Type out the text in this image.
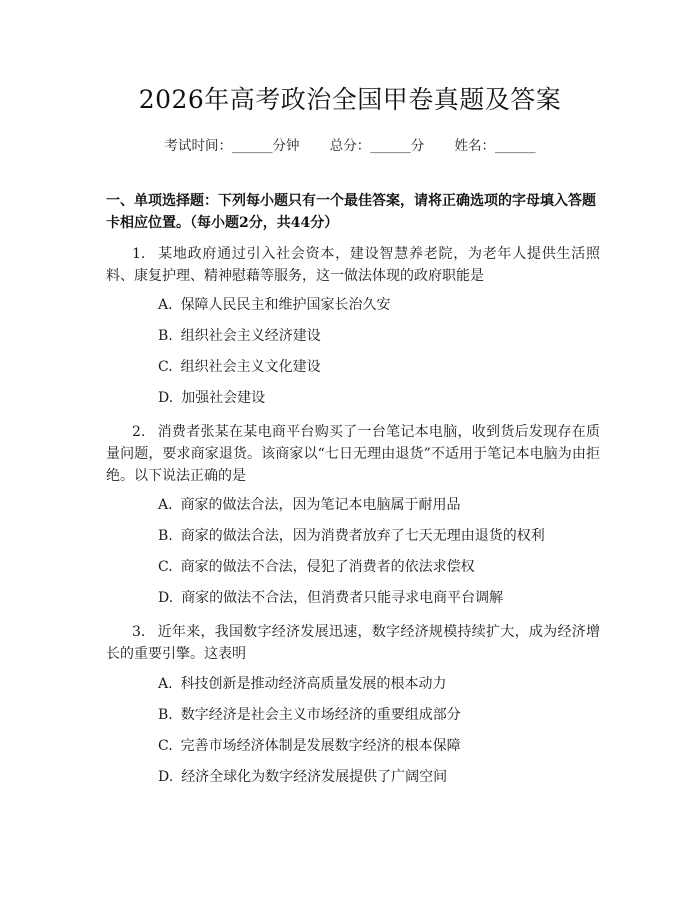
2026年高考政治全国甲卷真题及答案
考试时间：______分钟 总分：______分 姓名：______
一、单项选择题：下列每小题只有一个最佳答案，请将正确选项的字母填入答题卡相应位置。（每小题2分，共44分）
1. 某地政府通过引入社会资本，建设智慧养老院，为老年人提供生活照料、康复护理、精神慰藉等服务，这一做法体现的政府职能是
A. 保障人民民主和维护国家长治久安
B. 组织社会主义经济建设
C. 组织社会主义文化建设
D. 加强社会建设
2. 消费者张某在某电商平台购买了一台笔记本电脑，收到货后发现存在质量问题，要求商家退货。该商家以“七日无理由退货”不适用于笔记本电脑为由拒绝。以下说法正确的是
A. 商家的做法合法，因为笔记本电脑属于耐用品
B. 商家的做法合法，因为消费者放弃了七天无理由退货的权利
C. 商家的做法不合法，侵犯了消费者的依法求偿权
D. 商家的做法不合法，但消费者只能寻求电商平台调解
3. 近年来，我国数字经济发展迅速，数字经济规模持续扩大，成为经济增长的重要引擎。这表明
A. 科技创新是推动经济高质量发展的根本动力
B. 数字经济是社会主义市场经济的重要组成部分
C. 完善市场经济体制是发展数字经济的根本保障
D. 经济全球化为数字经济发展提供了广阔空间
